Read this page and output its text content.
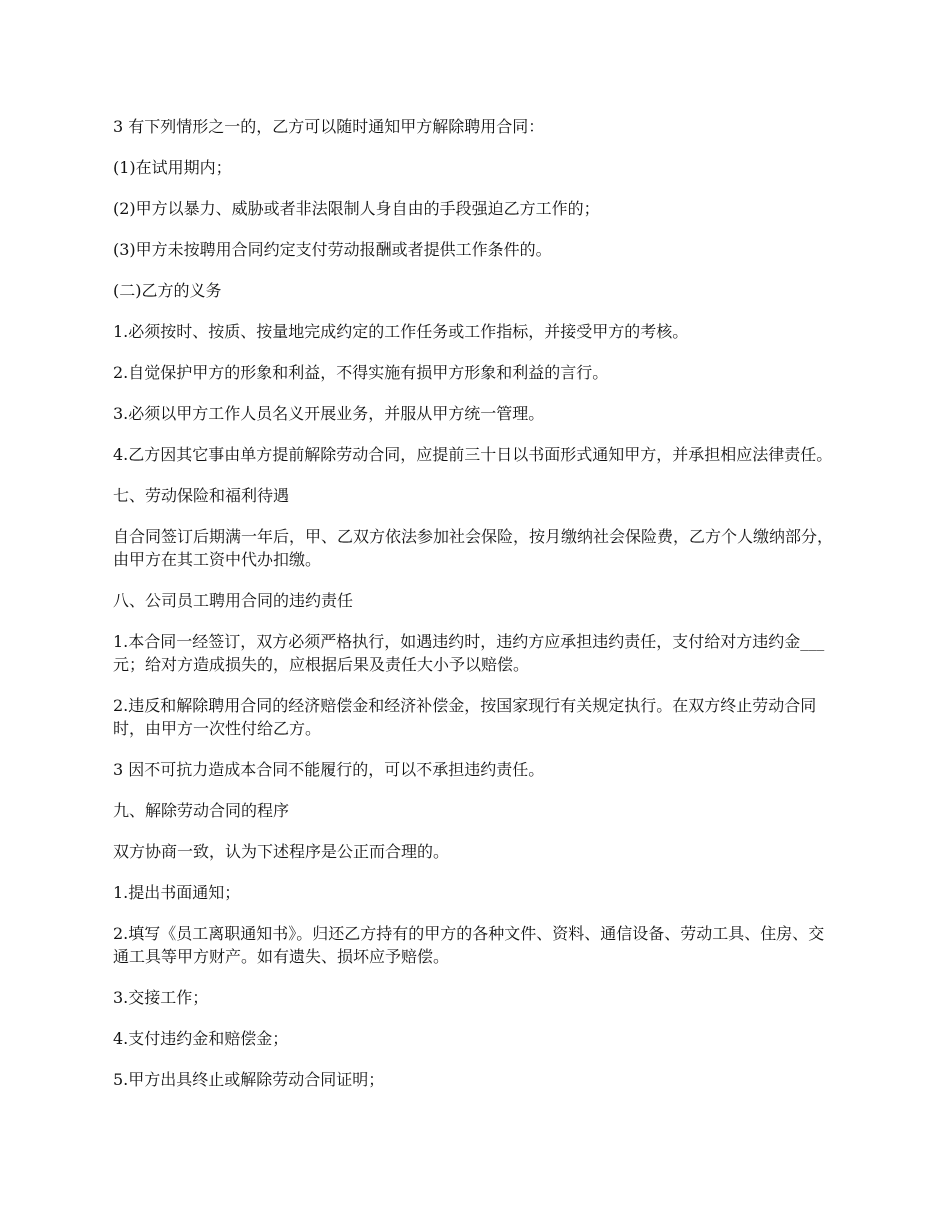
3 有下列情形之一的，乙方可以随时通知甲方解除聘用合同：

(1)在试用期内；

(2)甲方以暴力、威胁或者非法限制人身自由的手段强迫乙方工作的；

(3)甲方未按聘用合同约定支付劳动报酬或者提供工作条件的。

(二)乙方的义务

1.必须按时、按质、按量地完成约定的工作任务或工作指标，并接受甲方的考核。

2.自觉保护甲方的形象和利益，不得实施有损甲方形象和利益的言行。

3.必须以甲方工作人员名义开展业务，并服从甲方统一管理。

4.乙方因其它事由单方提前解除劳动合同，应提前三十日以书面形式通知甲方，并承担相应法律责任。

七、劳动保险和福利待遇

自合同签订后期满一年后，甲、乙双方依法参加社会保险，按月缴纳社会保险费，乙方个人缴纳部分，由甲方在其工资中代办扣缴。

八、公司员工聘用合同的违约责任

1.本合同一经签订，双方必须严格执行，如遇违约时，违约方应承担违约责任，支付给对方违约金___元；给对方造成损失的，应根据后果及责任大小予以赔偿。

2.违反和解除聘用合同的经济赔偿金和经济补偿金，按国家现行有关规定执行。在双方终止劳动合同时，由甲方一次性付给乙方。

3 因不可抗力造成本合同不能履行的，可以不承担违约责任。

九、解除劳动合同的程序

双方协商一致，认为下述程序是公正而合理的。

1.提出书面通知；

2.填写《员工离职通知书》。归还乙方持有的甲方的各种文件、资料、通信设备、劳动工具、住房、交通工具等甲方财产。如有遗失、损坏应予赔偿。

3.交接工作；

4.支付违约金和赔偿金；

5.甲方出具终止或解除劳动合同证明；
